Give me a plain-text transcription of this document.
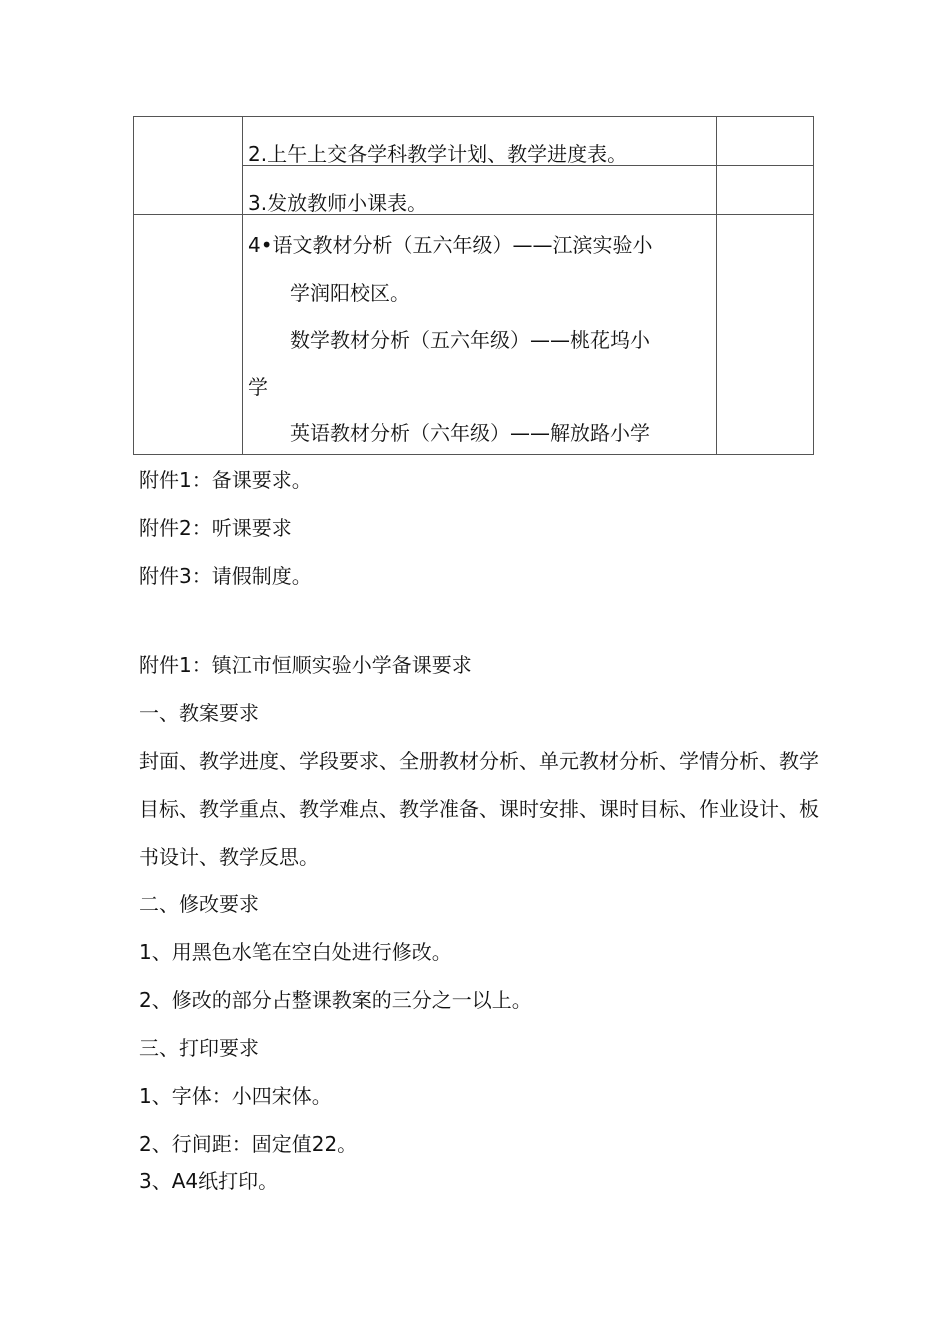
2.上午上交各学科教学计划、教学进度表。
3.发放教师小课表。
4•语文教材分析（五六年级）——江滨实验小
学润阳校区。
数学教材分析（五六年级）——桃花坞小
学
英语教材分析（六年级）——解放路小学
附件1：备课要求。
附件2：听课要求
附件3：请假制度。
附件1：镇江市恒顺实验小学备课要求
一、教案要求
封面、教学进度、学段要求、全册教材分析、单元教材分析、学情分析、教学
目标、教学重点、教学难点、教学准备、课时安排、课时目标、作业设计、板
书设计、教学反思。
二、修改要求
1、用黑色水笔在空白处进行修改。
2、修改的部分占整课教案的三分之一以上。
三、打印要求
1、字体：小四宋体。
2、行间距：固定值22。
3、A4纸打印。
